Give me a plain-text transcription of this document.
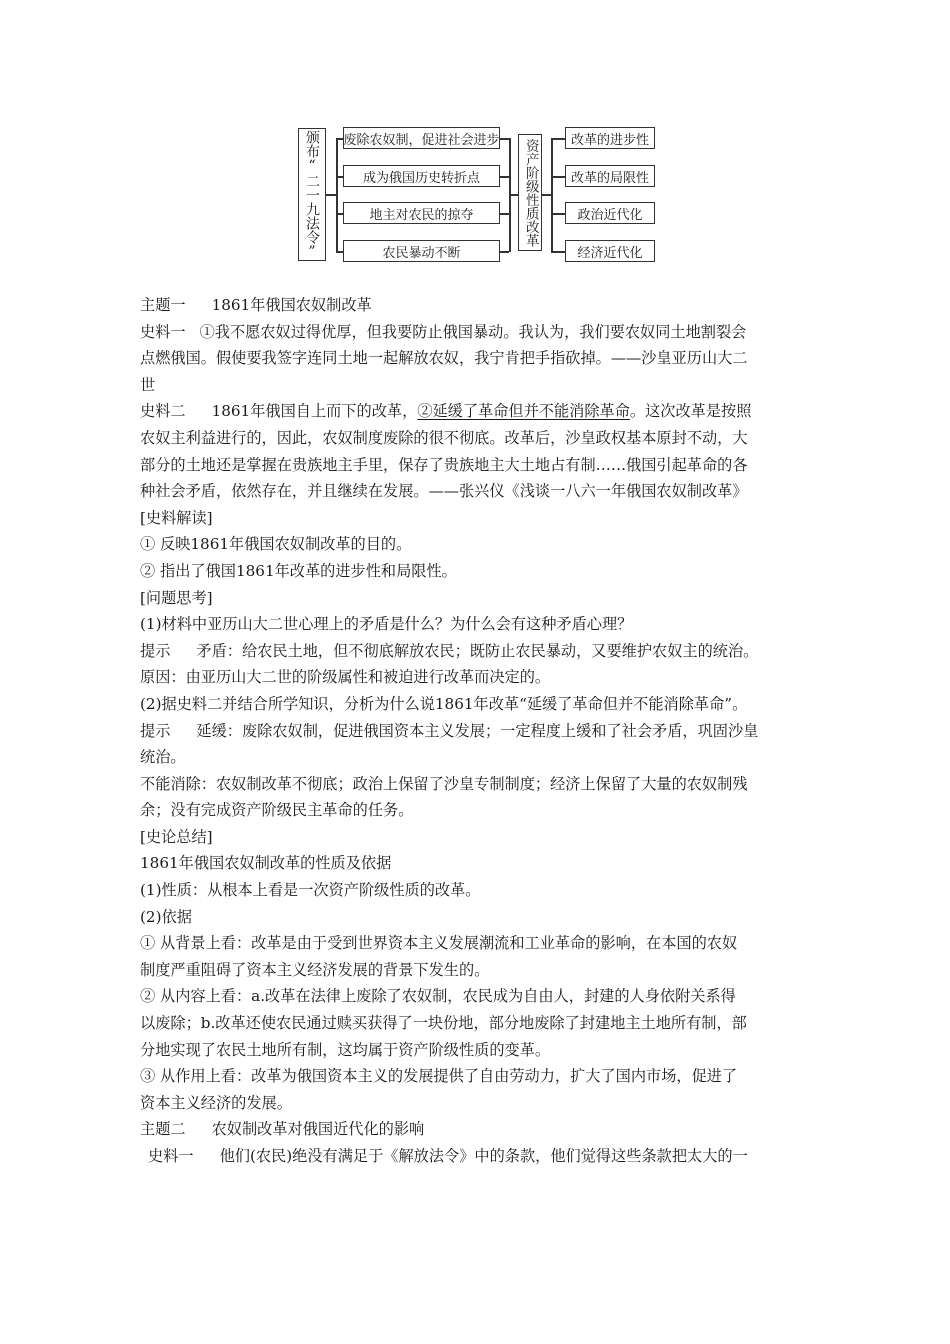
颁布“二一九法令” 废除农奴制，促进社会进步
成为俄国历史转折点
地主对农民的掠夺
农民暴动不断
资产阶级性质改革 改革的进步性
改革的局限性
政治近代化
经济近代化

主题一 1861年俄国农奴制改革

史料一 ①我不愿农奴过得优厚，但我要防止俄国暴动。我认为，我们要农奴同土地割裂会

点燃俄国。假使要我签字连同土地一起解放农奴，我宁肯把手指砍掉。——沙皇亚历山大二

世

史料二 1861年俄国自上而下的改革，②延缓了革命但并不能消除革命。这次改革是按照

农奴主利益进行的，因此，农奴制度废除的很不彻底。改革后，沙皇政权基本原封不动，大

部分的土地还是掌握在贵族地主手里，保存了贵族地主大土地占有制……俄国引起革命的各

种社会矛盾，依然存在，并且继续在发展。——张兴仪《浅谈一八六一年俄国农奴制改革》

[史料解读]

① 反映1861年俄国农奴制改革的目的。

② 指出了俄国1861年改革的进步性和局限性。

[问题思考]

(1)材料中亚历山大二世心理上的矛盾是什么？为什么会有这种矛盾心理？

提示 矛盾：给农民土地，但不彻底解放农民；既防止农民暴动，又要维护农奴主的统治。

原因：由亚历山大二世的阶级属性和被迫进行改革而决定的。

(2)据史料二并结合所学知识，分析为什么说1861年改革“延缓了革命但并不能消除革命”。

提示 延缓：废除农奴制，促进俄国资本主义发展；一定程度上缓和了社会矛盾，巩固沙皇

统治。

不能消除：农奴制改革不彻底；政治上保留了沙皇专制制度；经济上保留了大量的农奴制残

余；没有完成资产阶级民主革命的任务。

[史论总结]

1861年俄国农奴制改革的性质及依据

(1)性质：从根本上看是一次资产阶级性质的改革。

(2)依据

① 从背景上看：改革是由于受到世界资本主义发展潮流和工业革命的影响，在本国的农奴

制度严重阻碍了资本主义经济发展的背景下发生的。

② 从内容上看：a.改革在法律上废除了农奴制，农民成为自由人，封建的人身依附关系得

以废除；b.改革还使农民通过赎买获得了一块份地，部分地废除了封建地主土地所有制，部

分地实现了农民土地所有制，这均属于资产阶级性质的变革。

③ 从作用上看：改革为俄国资本主义的发展提供了自由劳动力，扩大了国内市场，促进了

资本主义经济的发展。

主题二 农奴制改革对俄国近代化的影响

史料一 他们(农民)绝没有满足于《解放法令》中的条款，他们觉得这些条款把太大的一
